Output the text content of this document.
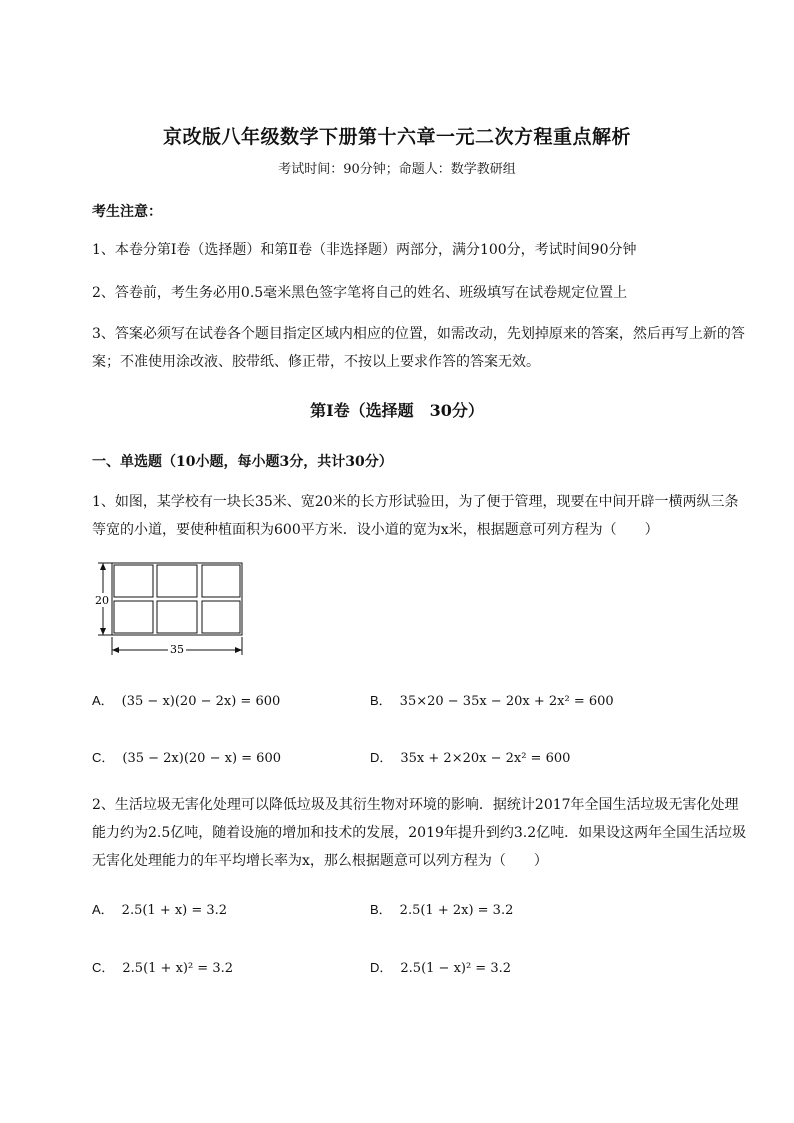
京改版八年级数学下册第十六章一元二次方程重点解析
考试时间：90分钟；命题人：数学教研组
考生注意：
1、本卷分第Ⅰ卷（选择题）和第Ⅱ卷（非选择题）两部分，满分100分，考试时间90分钟
2、答卷前，考生务必用0.5毫米黑色签字笔将自己的姓名、班级填写在试卷规定位置上
3、答案必须写在试卷各个题目指定区域内相应的位置，如需改动，先划掉原来的答案，然后再写上新的答案；不准使用涂改液、胶带纸、修正带，不按以上要求作答的答案无效。
第Ⅰ卷（选择题　30分）
一、单选题（10小题，每小题3分，共计30分）
1、如图，某学校有一块长35米、宽20米的长方形试验田，为了便于管理，现要在中间开辟一横两纵三条等宽的小道，要使种植面积为600平方米．设小道的宽为x米，根据题意可列方程为（　　）
20
35
A． (35 − x)(20 − 2x) = 600	B． 35×20 − 35x − 20x + 2x² = 600
C． (35 − 2x)(20 − x) = 600	D． 35x + 2×20x − 2x² = 600
2、生活垃圾无害化处理可以降低垃圾及其衍生物对环境的影响．据统计2017年全国生活垃圾无害化处理能力约为2.5亿吨，随着设施的增加和技术的发展，2019年提升到约3.2亿吨．如果设这两年全国生活垃圾无害化处理能力的年平均增长率为x，那么根据题意可以列方程为（　　）
A． 2.5(1 + x) = 3.2	B． 2.5(1 + 2x) = 3.2
C． 2.5(1 + x)² = 3.2	D． 2.5(1 − x)² = 3.2
